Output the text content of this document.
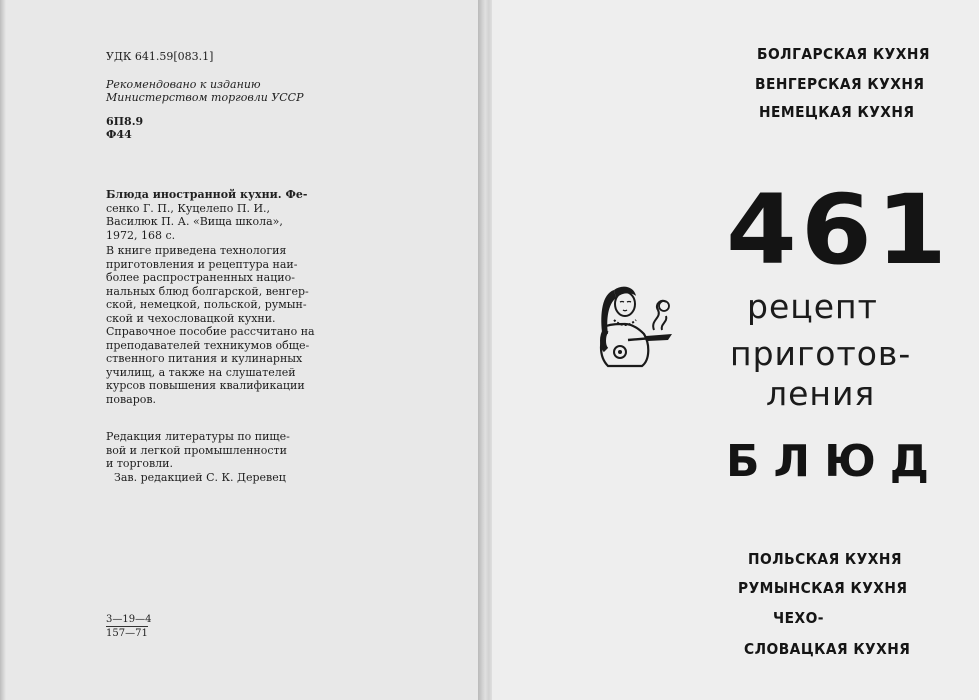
УДК 641.59[083.1]
Рекомендовано к изданию
Министерством торговли УССР
6П8.9
Ф44
Блюда иностранной кухни. Фе-
сенко Г. П., Куцелепо П. И.,
Василюк П. А. «Вища школа»,
1972, 168 с.
В книге приведена технология
приготовления и рецептура наи-
более распространенных нацио-
нальных блюд болгарской, венгер-
ской, немецкой, польской, румын-
ской и чехословацкой кухни.
Справочное пособие рассчитано на
преподавателей техникумов обще-
ственного питания и кулинарных
училищ, а также на слушателей
курсов повышения квалификации
поваров.
Редакция литературы по пище-
вой и легкой промышленности
и торговли.
Зав. редакцией С. К. Деревец
$\frac{3—19—4}{157—71}$
БОЛГАРСКАЯ КУХНЯ
ВЕНГЕРСКАЯ КУХНЯ
НЕМЕЦКАЯ КУХНЯ
461
рецепт
приготов-
ления
БЛЮД
ПОЛЬСКАЯ КУХНЯ
РУМЫНСКАЯ КУХНЯ
ЧЕХО-
СЛОВАЦКАЯ КУХНЯ
